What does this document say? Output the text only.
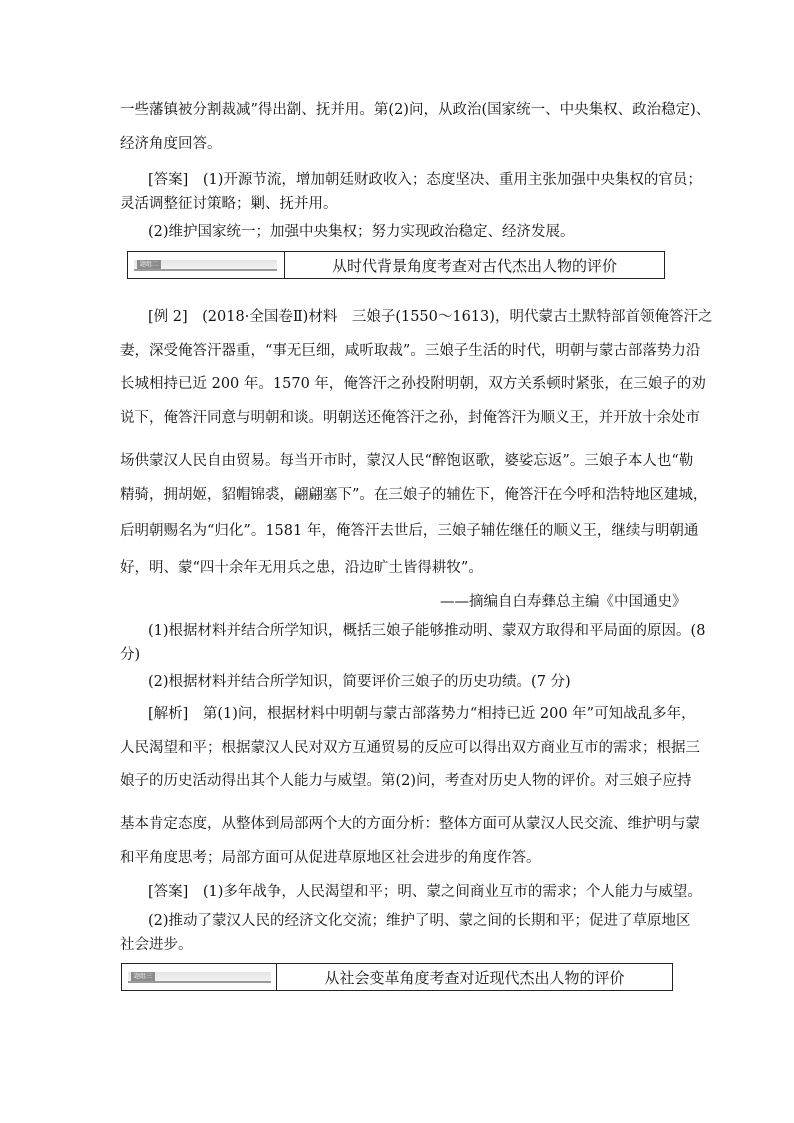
一些藩镇被分割裁减”得出劏、抚并用。第(2)问，从政治(国家统一、中央集权、政治稳定)、
经济角度回答。
[答案]　(1)开源节流，增加朝廷财政收入；态度坚决、重用主张加强中央集权的官员；
灵活调整征讨策略；剿、抚并用。
(2)维护国家统一；加强中央集权；努力实现政治稳定、经济发展。
题组二	从时代背景角度考查对古代杰出人物的评价
[例 2]　(2018·全国卷Ⅱ)材料　三娘子(1550～1613)，明代蒙古土默特部首领俺答汗之
妻，深受俺答汗器重，“事无巨细，咸听取裁”。三娘子生活的时代，明朝与蒙古部落势力沿
长城相持已近 200 年。1570 年，俺答汗之孙投附明朝，双方关系顿时紧张，在三娘子的劝
说下，俺答汗同意与明朝和谈。明朝送还俺答汗之孙，封俺答汗为顺义王，并开放十余处市
场供蒙汉人民自由贸易。每当开市时，蒙汉人民“醉饱讴歌，婆娑忘返”。三娘子本人也“勒
精骑，拥胡姬，貂帽锦裘，翩翩塞下”。在三娘子的辅佐下，俺答汗在今呼和浩特地区建城，
后明朝赐名为“归化”。1581 年，俺答汗去世后，三娘子辅佐继任的顺义王，继续与明朝通
好，明、蒙“四十余年无用兵之患，沿边旷土皆得耕牧”。
——摘编自白寿彝总主编《中国通史》
(1)根据材料并结合所学知识，概括三娘子能够推动明、蒙双方取得和平局面的原因。(8
分)
(2)根据材料并结合所学知识，简要评价三娘子的历史功绩。(7 分)
[解析]　第(1)问，根据材料中明朝与蒙古部落势力“相持已近 200 年”可知战乱多年，
人民渴望和平；根据蒙汉人民对双方互通贸易的反应可以得出双方商业互市的需求；根据三
娘子的历史活动得出其个人能力与威望。第(2)问，考查对历史人物的评价。对三娘子应持
基本肯定态度，从整体到局部两个大的方面分析：整体方面可从蒙汉人民交流、维护明与蒙
和平角度思考；局部方面可从促进草原地区社会进步的角度作答。
[答案]　(1)多年战争，人民渴望和平；明、蒙之间商业互市的需求；个人能力与威望。
(2)推动了蒙汉人民的经济文化交流；维护了明、蒙之间的长期和平；促进了草原地区
社会进步。
题组三	从社会变革角度考查对近现代杰出人物的评价
